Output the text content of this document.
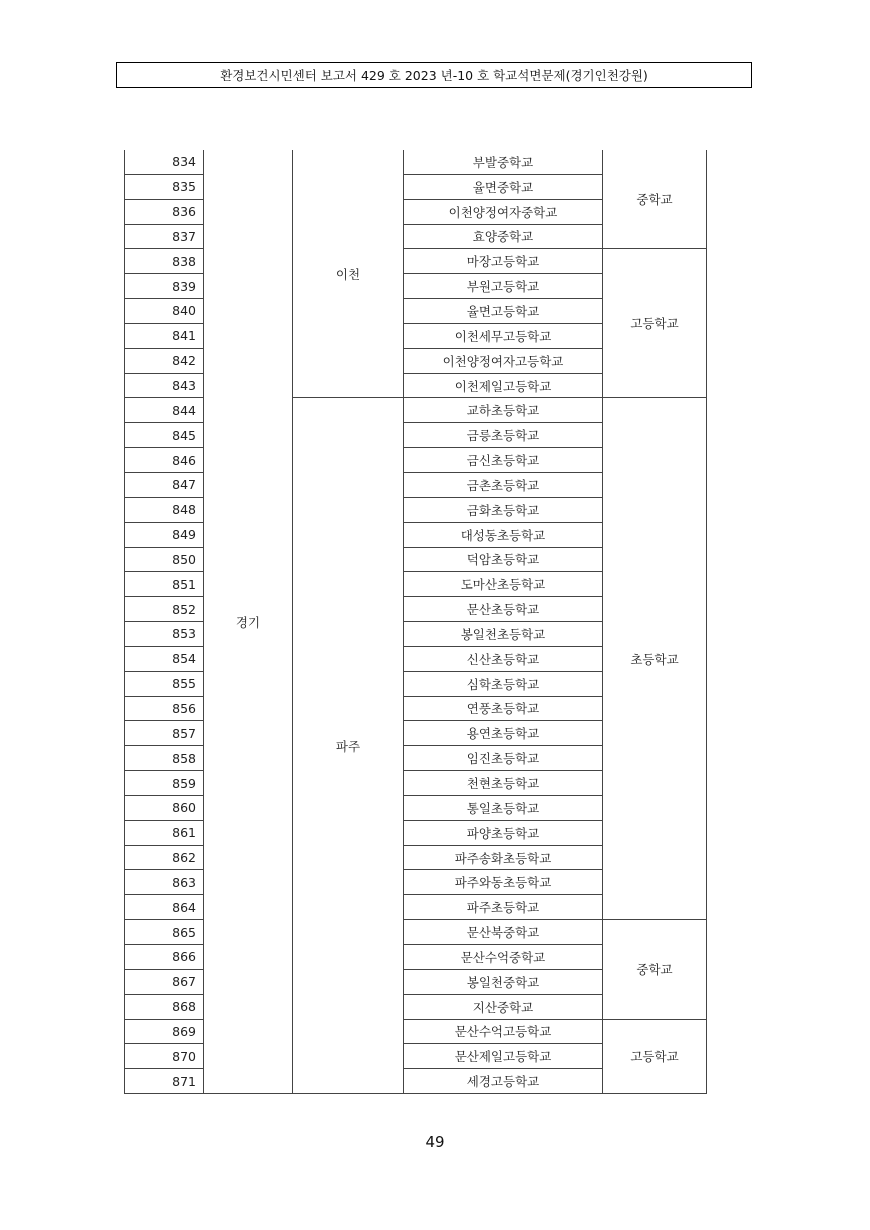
환경보건시민센터 보고서 429 호 2023 년-10 호 학교석면문제(경기인천강원)
834	경기	이천	부발중학교	중학교
835			율면중학교	
836			이천양정여자중학교	
837			효양중학교	
838			마장고등학교	고등학교
839			부원고등학교	
840			율면고등학교	
841			이천세무고등학교	
842			이천양정여자고등학교	
843			이천제일고등학교	
844		파주	교하초등학교	초등학교
845			금릉초등학교	
846			금신초등학교	
847			금촌초등학교	
848			금화초등학교	
849			대성동초등학교	
850			덕암초등학교	
851			도마산초등학교	
852			문산초등학교	
853			봉일천초등학교	
854			신산초등학교	
855			심학초등학교	
856			연풍초등학교	
857			용연초등학교	
858			임진초등학교	
859			천현초등학교	
860			통일초등학교	
861			파양초등학교	
862			파주송화초등학교	
863			파주와동초등학교	
864			파주초등학교	
865			문산북중학교	중학교
866			문산수억중학교	
867			봉일천중학교	
868			지산중학교	
869			문산수억고등학교	고등학교
870			문산제일고등학교	
871			세경고등학교	
49
